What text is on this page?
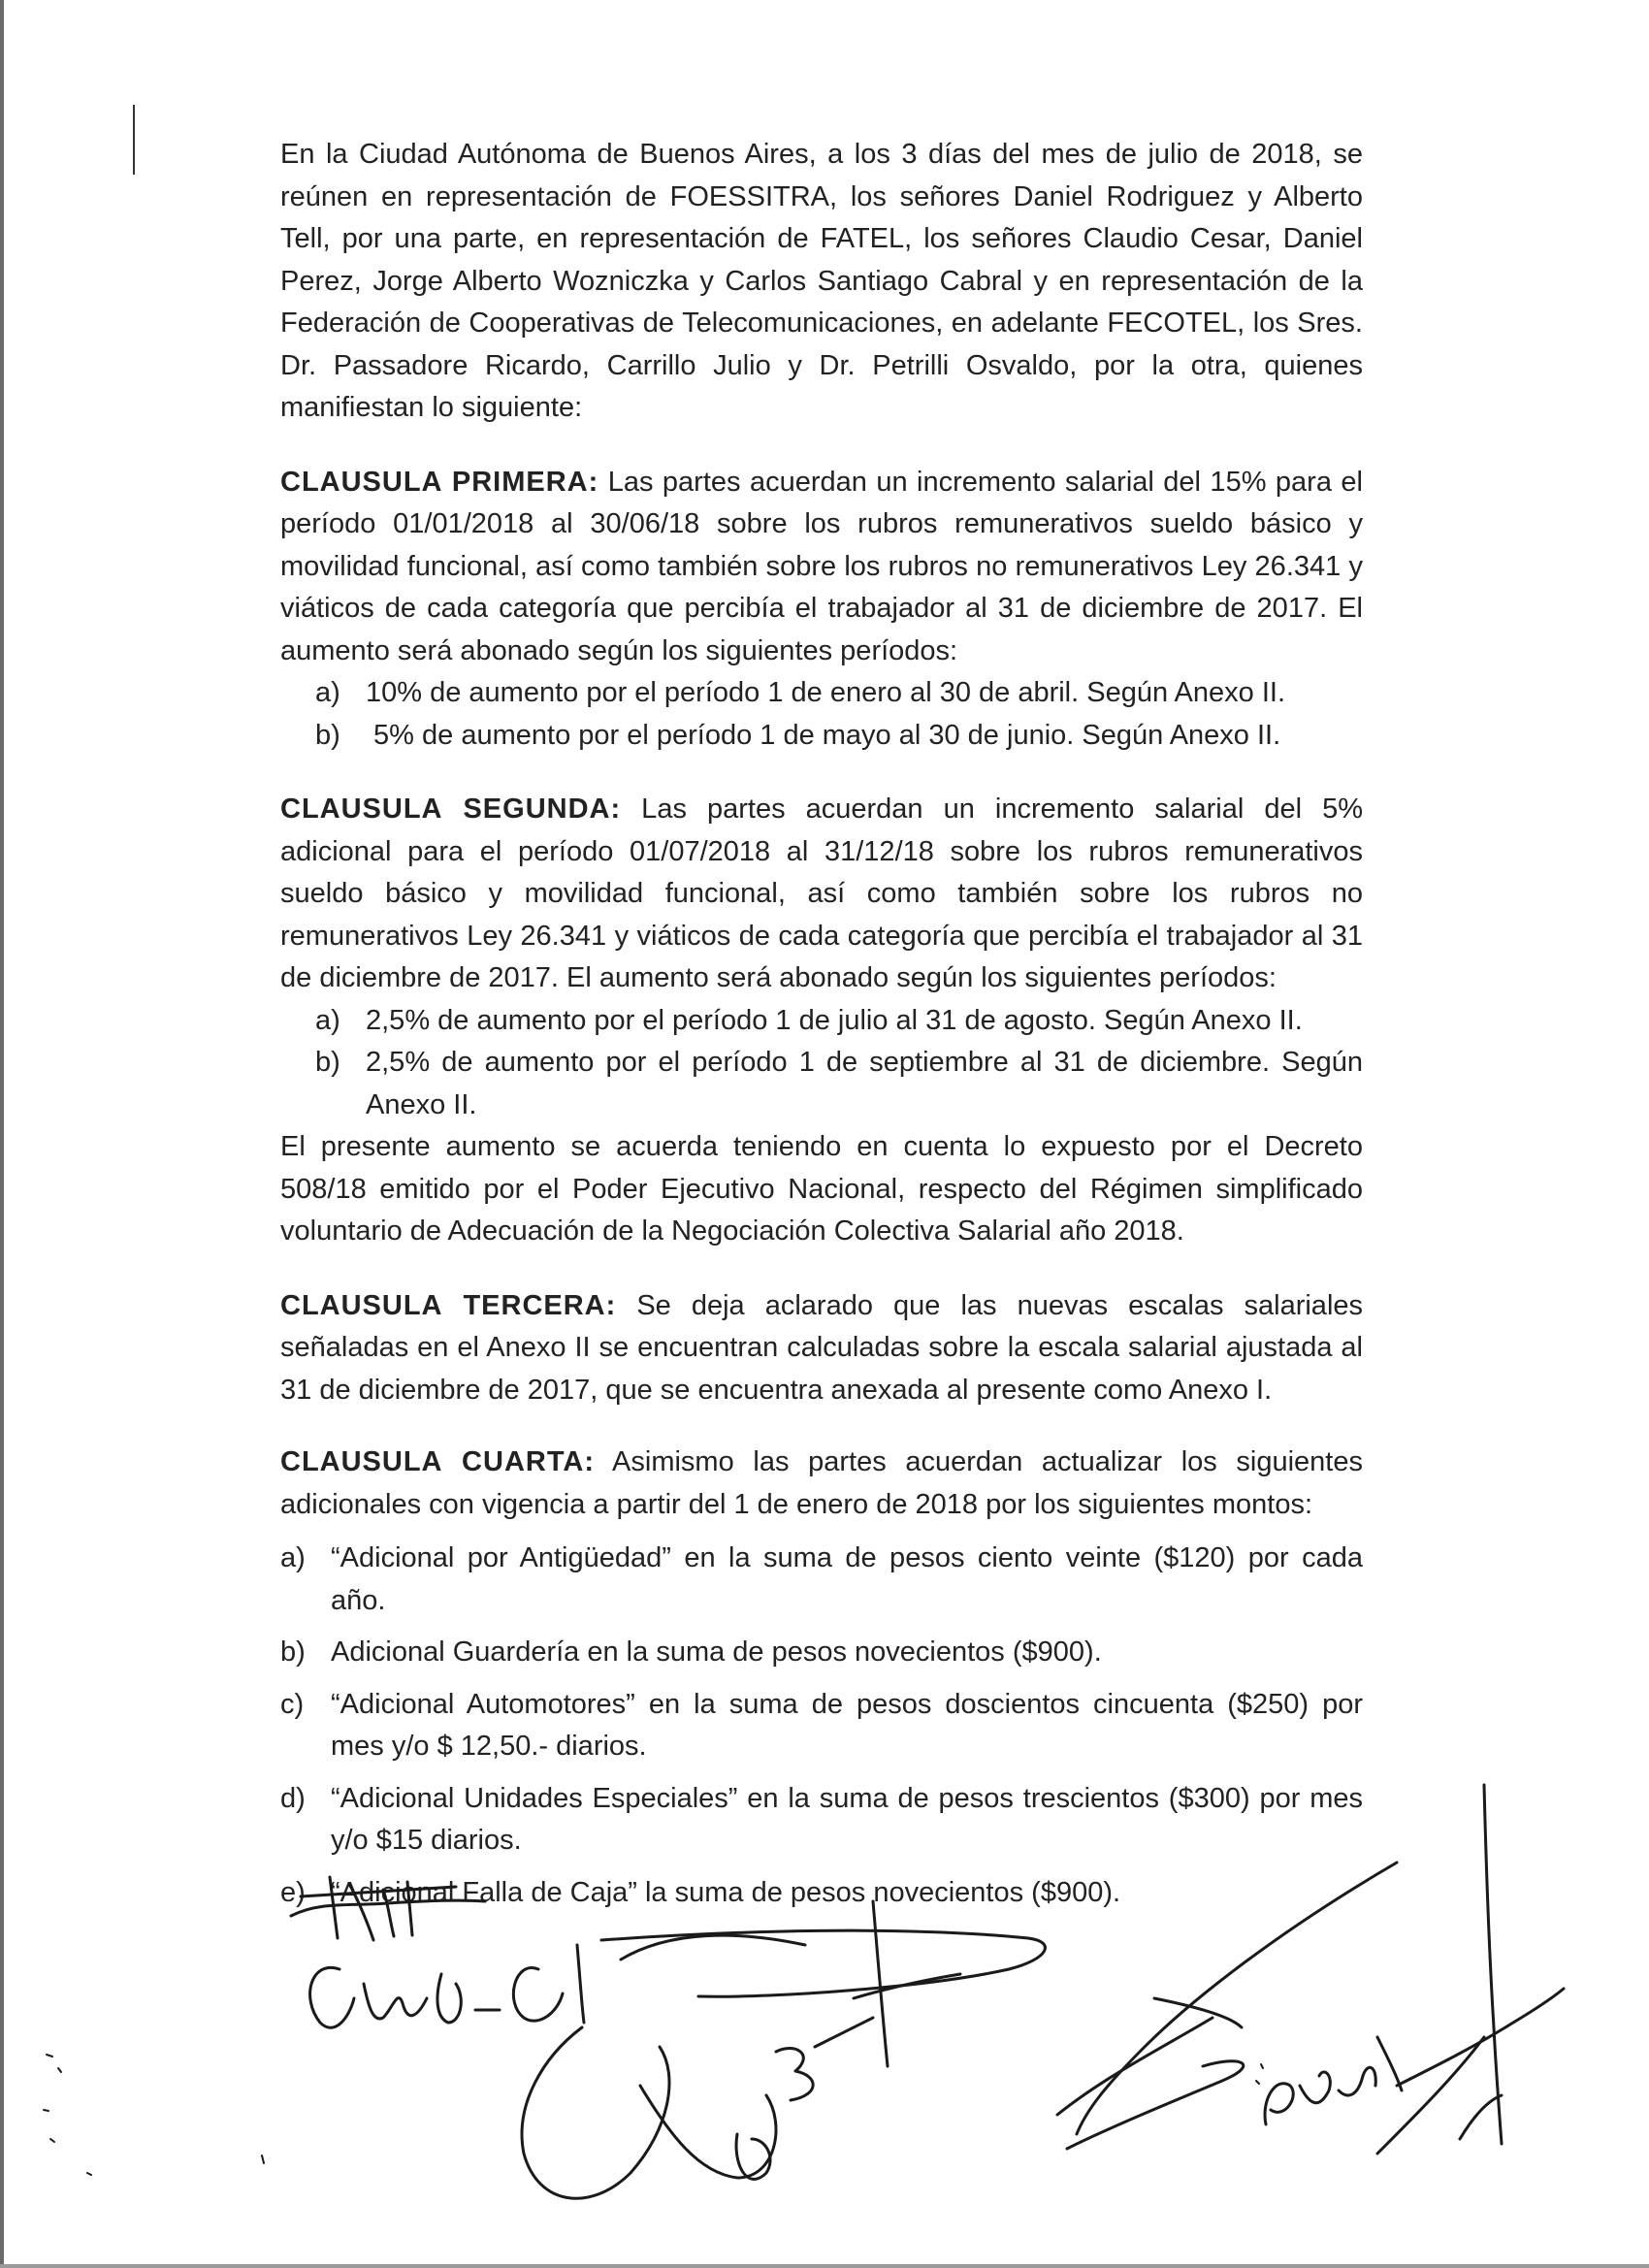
En la Ciudad Autónoma de Buenos Aires, a los 3 días del mes de julio de 2018, se reúnen en representación de FOESSITRA, los señores Daniel Rodriguez y Alberto Tell, por una parte, en representación de FATEL, los señores Claudio Cesar, Daniel Perez, Jorge Alberto Wozniczka y Carlos Santiago Cabral y en representación de la Federación de Cooperativas de Telecomunicaciones, en adelante FECOTEL, los Sres. Dr. Passadore Ricardo, Carrillo Julio y Dr. Petrilli Osvaldo, por la otra, quienes manifiestan lo siguiente:

CLAUSULA PRIMERA: Las partes acuerdan un incremento salarial del 15% para el período 01/01/2018 al 30/06/18 sobre los rubros remunerativos sueldo básico y movilidad funcional, así como también sobre los rubros no remunerativos Ley 26.341 y viáticos de cada categoría que percibía el trabajador al 31 de diciembre de 2017. El aumento será abonado según los siguientes períodos:

a) 10% de aumento por el período 1 de enero al 30 de abril. Según Anexo II.
b) 5% de aumento por el período 1 de mayo al 30 de junio. Según Anexo II.

CLAUSULA SEGUNDA: Las partes acuerdan un incremento salarial del 5% adicional para el período 01/07/2018 al 31/12/18 sobre los rubros remunerativos sueldo básico y movilidad funcional, así como también sobre los rubros no remunerativos Ley 26.341 y viáticos de cada categoría que percibía el trabajador al 31 de diciembre de 2017. El aumento será abonado según los siguientes períodos:

a) 2,5% de aumento por el período 1 de julio al 31 de agosto. Según Anexo II.
b) 2,5% de aumento por el período 1 de septiembre al 31 de diciembre. Según Anexo II.

El presente aumento se acuerda teniendo en cuenta lo expuesto por el Decreto 508/18 emitido por el Poder Ejecutivo Nacional, respecto del Régimen simplificado voluntario de Adecuación de la Negociación Colectiva Salarial año 2018.

CLAUSULA TERCERA: Se deja aclarado que las nuevas escalas salariales señaladas en el Anexo II se encuentran calculadas sobre la escala salarial ajustada al 31 de diciembre de 2017, que se encuentra anexada al presente como Anexo I.

CLAUSULA CUARTA: Asimismo las partes acuerdan actualizar los siguientes adicionales con vigencia a partir del 1 de enero de 2018 por los siguientes montos:

a) “Adicional por Antigüedad” en la suma de pesos ciento veinte ($120) por cada año.
b) Adicional Guardería en la suma de pesos novecientos ($900).
c) “Adicional Automotores” en la suma de pesos doscientos cincuenta ($250) por mes y/o $ 12,50.- diarios.
d) “Adicional Unidades Especiales” en la suma de pesos trescientos ($300) por mes y/o $15 diarios.
e) “Adicional Falla de Caja” la suma de pesos novecientos ($900).
